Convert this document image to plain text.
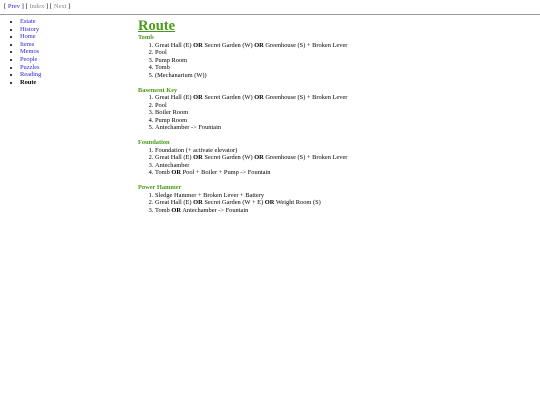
[ Prev ] [ Index ] [ Next ]
• Estate
• History
• Home
• Items
• Memos
• People
• Puzzles
• Reading
• Route
Route
Tomb
1. Great Hall (E) OR Secret Garden (W) OR Greenhouse (S) + Broken Lever
2. Pool
3. Pump Room
4. Tomb
5. (Mechanarium (W))
Basement Key
1. Great Hall (E) OR Secret Garden (W) OR Greenhouse (S) + Broken Lever
2. Pool
3. Boiler Room
4. Pump Room
5. Antechamber -> Fountain
Foundation
1. Foundation (+ activate elevator)
2. Great Hall (E) OR Secret Garden (W) OR Greenhouse (S) + Broken Lever
3. Antechamber
4. Tomb OR Pool + Boiler + Pump -> Fountain
Power Hammer
1. Sledge Hammer + Broken Lever + Battery
2. Great Hall (E) OR Secret Garden (W + E) OR Weight Room (S)
3. Tomb OR Antechamber -> Fountain
